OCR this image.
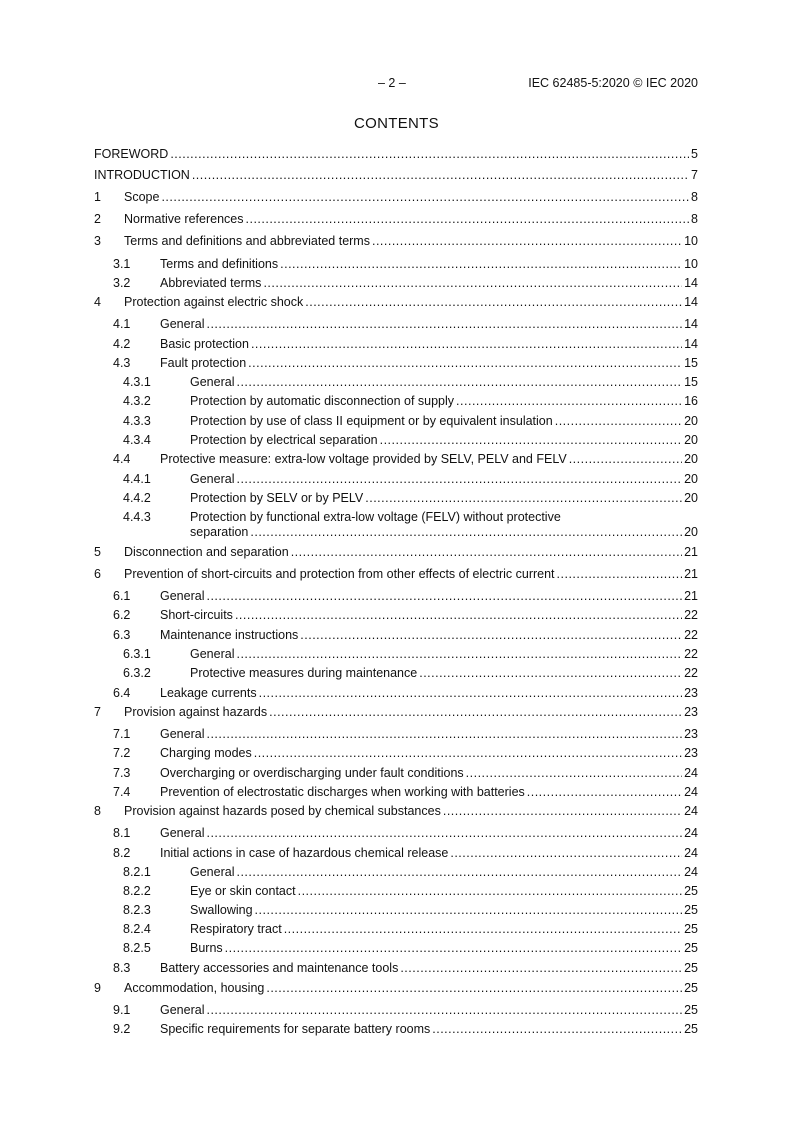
– 2 –	IEC 62485-5:2020 © IEC 2020
CONTENTS
FOREWORD .....	5
INTRODUCTION .....	7
1	Scope .....	8
2	Normative references .....	8
3	Terms and definitions and abbreviated terms .....	10
3.1	Terms and definitions .....	10
3.2	Abbreviated terms .....	14
4	Protection against electric shock .....	14
4.1	General .....	14
4.2	Basic protection .....	14
4.3	Fault protection .....	15
4.3.1	General .....	15
4.3.2	Protection by automatic disconnection of supply .....	16
4.3.3	Protection by use of class II equipment or by equivalent insulation .....	20
4.3.4	Protection by electrical separation .....	20
4.4	Protective measure: extra-low voltage provided by SELV, PELV and FELV .....	20
4.4.1	General .....	20
4.4.2	Protection by SELV or by PELV .....	20
4.4.3	Protection by functional extra-low voltage (FELV) without protective
separation .....	20
5	Disconnection and separation .....	21
6	Prevention of short-circuits and protection from other effects of electric current .....	21
6.1	General .....	21
6.2	Short-circuits .....	22
6.3	Maintenance instructions .....	22
6.3.1	General .....	22
6.3.2	Protective measures during maintenance .....	22
6.4	Leakage currents .....	23
7	Provision against hazards .....	23
7.1	General .....	23
7.2	Charging modes .....	23
7.3	Overcharging or overdischarging under fault conditions .....	24
7.4	Prevention of electrostatic discharges when working with batteries .....	24
8	Provision against hazards posed by chemical substances .....	24
8.1	General .....	24
8.2	Initial actions in case of hazardous chemical release .....	24
8.2.1	General .....	24
8.2.2	Eye or skin contact .....	25
8.2.3	Swallowing .....	25
8.2.4	Respiratory tract .....	25
8.2.5	Burns .....	25
8.3	Battery accessories and maintenance tools .....	25
9	Accommodation, housing .....	25
9.1	General .....	25
9.2	Specific requirements for separate battery rooms .....	25
